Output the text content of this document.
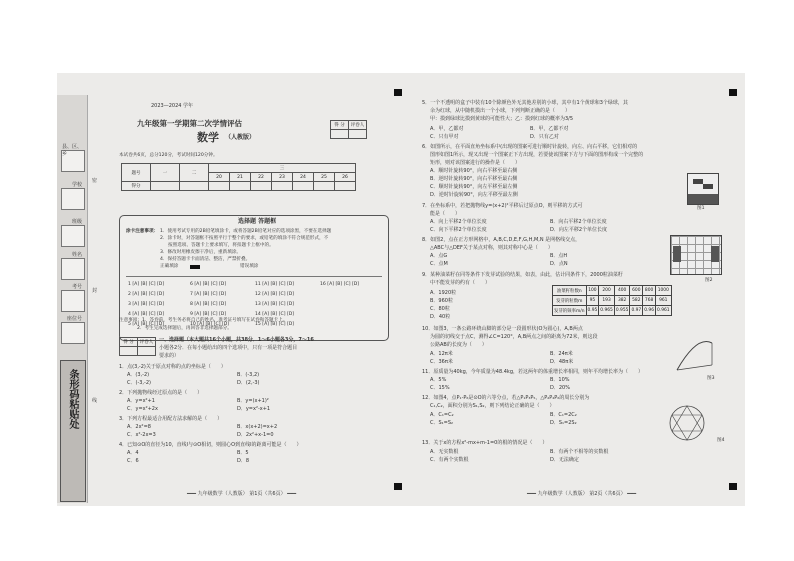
县、区、乡
学校
班级
姓名
考号
座位号
条形码粘贴处
密
封
线
2023—2024 学年
九年级第一学期第二次学情评估
数学 （人教版）
得 分	评卷人

本试卷共6页，总分120分，考试时间120分钟。
题号	一	二	三						
			20	21	22	23	24	25	26
得分									
选择题 答题框
涂卡注意事项： 1．使用考试专用的2B铅笔填涂卡，或将答题2B铅笔对应的选项涂黑，不要在选择题
2．涂卡时，对答题框不按照平行于整个的要求，或铅笔的填涂不符合规范形式，不
按照选项、答题卡上要求填写，将扣题卡上框中的。
3．修改时用橡皮擦干净后，重新填涂。
4．保持答题卡卡面清洁、整洁，严禁折叠。
正确填涂	错误填涂
1 [A] [B] [C] [D]	6 [A] [B] [C] [D]	11 [A] [B] [C] [D]	16 [A] [B] [C] [D]
2 [A] [B] [C] [D]	7 [A] [B] [C] [D]	12 [A] [B] [C] [D]
3 [A] [B] [C] [D]	8 [A] [B] [C] [D]	13 [A] [B] [C] [D]
4 [A] [B] [C] [D]	9 [A] [B] [C] [D]	14 [A] [B] [C] [D]
5 [A] [B] [C] [D]	10 [A] [B] [C] [D]	15 [A] [B] [C] [D]
注意事项：1．答卷前，考生务必将自己的姓名、准考证号填写在试卷和答题卡上。
2．考生完成选择题后，再回答非选择题部分。
得 分	评卷人
	一、选择题（本大题共16个小题，共38分．1～6小题各3分，7～16
小题各2分．在每小题给出的四个选项中，只有一项是符合题目
要求的）
1．点(3,-2)关于原点对称的点的坐标是（　　）
A．(3,-2)	B．(-3,2)
C．(-3,-2)	D．(2,-3)
2．下列抛物线经过原点的是（　　）
A．y=x²+1	B．y=(x+1)²
C．y=x²+2x	D．y=x²-x+1
3．下列方程最适合用配方法求解的是（　　）
A．2x²=8	B．x(x+2)=x+2
C．x²-2x=3	D．2x²+x-1=0
4．已知⊙O的直径为10，直线l与⊙O相切，则圆心O到直线l的距离可能是（　　）
A．4	B．5
C．6	D．8
━━━ 九年级数学（人教版） 第1页（共6页） ━━━
5．一个不透明的盒子中装有10个除颜色外无其他差别的小球，其中有1个黄球和3个绿球，其
余为红球，从中随机摸出一个小球，下列判断正确的是（　　）
甲：摸到绿球比摸到黄球的可能性大；乙：摸到红球的概率为3/5
A．甲，乙都对	B．甲，乙都不对
C．只有甲对	D．只有乙对
6．如图所示，在平面直角坐标系中(出现的图案可进行顺时针旋转，向左、向右平移，它们相对的
图形如图1所示，现又出现一个图案正下方出现，若要使该图案下方与下面的图形构成一个完整的
矩形，则对该图案进行的操作是（　　）
A．顺时针旋转90°，向右平移至最右侧
B．逆时针旋转90°，向右平移至最右侧
C．顺时针旋转90°，向左平移至最左侧
D．逆时针旋转90°，向左平移至最左侧
图1
7．在坐标系中，若把抛物线y=(x+2)²平移后过原点O，则平移的方式可
能是（　　）
A．向上平移2个单位长度	B．向右平移2个单位长度
C．向下平移2个单位长度	D．向左平移2个单位长度
8．如图2，点在正方形网格中，A,B,C,D,E,F,G,H,M,N 是网格线交点，
△ABC与△DEF关于某点对称，则其对称中心是（　　）
A．点G	B．点H
C．点M	D．点N
图2
9．某种油菜籽在同等条件下发芽试验的结果，如表，由此，估计同条件下，2000粒油菜籽
中不能发芽的约有（　　）
A．1920粒
B．960粒
C．80粒
D．40粒
油菜籽粒数n	100	200	400	600	800	1000
发芽的粒数m	95	193	382	582	768	961
发芽的频率m/n	0.95	0.965	0.955	0.97	0.96	0.961
10．如图3，一条公路环绕山脚的部分是一段圆形状(O为圆心)，A,B两点
为圆的切线交于点C，测得∠C=120°，A,B两点之间的距离为72米，则这段
公路AB的长度为（　　）
A．12π米	B．24π米
C．36π米	D．48π米
图3
11．原质量为40kg，今年质量为48.4kg，若这两年的体重增长率相同，则年平均增长率为（　　）
A．5%	B．10%
C．15%	D．20%
12．如图4，点P₁-P₆是⊙O的六等分点，若△P₁P₃P₅，△P₂P₄P₆的周长分别为
C₁,C₂，面积分别为S₁,S₂，则下列结论正确的是（　　）
A．C₁=C₂	B．C₁=2C₂
C．S₁=S₂	D．S₁=2S₂
图4
13．关于x的方程x²-mx+m-1=0的根的情况是（　　）
A．无实数根	B．有两个不相等的实数根
C．有两个实数根	D．无法确定
━━━ 九年级数学（人教版） 第2页（共6页） ━━━
